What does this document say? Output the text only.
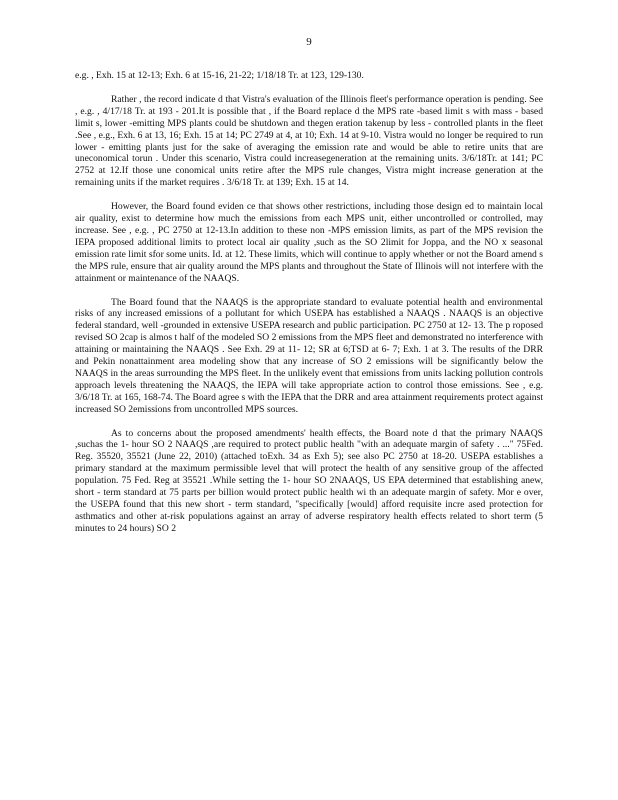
9

e.g. , Exh. 15 at 12-13; Exh. 6 at 15-16, 21-22; 1/18/18 Tr. at 123, 129-130.

Rather , the record indicate d that Vistra's evaluation of the Illinois fleet's performance operation is pending. See , e.g. , 4/17/18 Tr. at 193 - 201.It is possible that , if the Board replace d the MPS rate -based limit s with mass - based limit s, lower -emitting MPS plants could be shutdown and thegen eration takenup by less - controlled plants in the fleet .See , e.g., Exh. 6 at 13, 16; Exh. 15 at 14; PC 2749 at 4, at 10; Exh. 14 at 9-10. Vistra would no longer be required to run lower - emitting plants just for the sake of averaging the emission rate and would be able to retire units that are uneconomical torun . Under this scenario, Vistra could increasegeneration at the remaining units. 3/6/18Tr. at 141; PC 2752 at 12.If those une conomical units retire after the MPS rule changes, Vistra might increase generation at the remaining units if the market requires . 3/6/18 Tr. at 139; Exh. 15 at 14.

However, the Board found eviden ce that shows other restrictions, including those design ed to maintain local air quality, exist to determine how much the emissions from each MPS unit, either uncontrolled or controlled, may increase. See , e.g. , PC 2750 at 12-13.In addition to these non -MPS emission limits, as part of the MPS revision the IEPA proposed additional limits to protect local air quality ,such as the SO 2limit for Joppa, and the NO x seasonal emission rate limit sfor some units. Id. at 12. These limits, which will continue to apply whether or not the Board amend s the MPS rule, ensure that air quality around the MPS plants and throughout the State of Illinois will not interfere with the attainment or maintenance of the NAAQS.

The Board found that the NAAQS is the appropriate standard to evaluate potential health and environmental risks of any increased emissions of a pollutant for which USEPA has established a NAAQS . NAAQS is an objective federal standard, well -grounded in extensive USEPA research and public participation. PC 2750 at 12- 13. The p roposed revised SO 2cap is almos t half of the modeled SO 2 emissions from the MPS fleet and demonstrated no interference with attaining or maintaining the NAAQS . See Exh. 29 at 11- 12; SR at 6;TSD at 6- 7; Exh. 1 at 3. The results of the DRR and Pekin nonattainment area modeling show that any increase of SO 2 emissions will be significantly below the NAAQS in the areas surrounding the MPS fleet. In the unlikely event that emissions from units lacking pollution controls approach levels threatening the NAAQS, the IEPA will take appropriate action to control those emissions. See , e.g. 3/6/18 Tr. at 165, 168-74. The Board agree s with the IEPA that the DRR and area attainment requirements protect against increased SO 2emissions from uncontrolled MPS sources.

As to concerns about the proposed amendments' health effects, the Board note d that the primary NAAQS ,suchas the 1- hour SO 2 NAAQS ,are required to protect public health "with an adequate margin of safety . ..." 75Fed. Reg. 35520, 35521 (June 22, 2010) (attached toExh. 34 as Exh 5); see also PC 2750 at 18-20. USEPA establishes a primary standard at the maximum permissible level that will protect the health of any sensitive group of the affected population. 75 Fed. Reg at 35521 .While setting the 1- hour SO 2NAAQS, US EPA determined that establishing anew, short - term standard at 75 parts per billion would protect public health wi th an adequate margin of safety. Mor e over, the USEPA found that this new short - term standard, "specifically [would] afford requisite incre ased protection for asthmatics and other at-risk populations against an array of adverse respiratory health effects related to short term (5 minutes to 24 hours) SO 2
